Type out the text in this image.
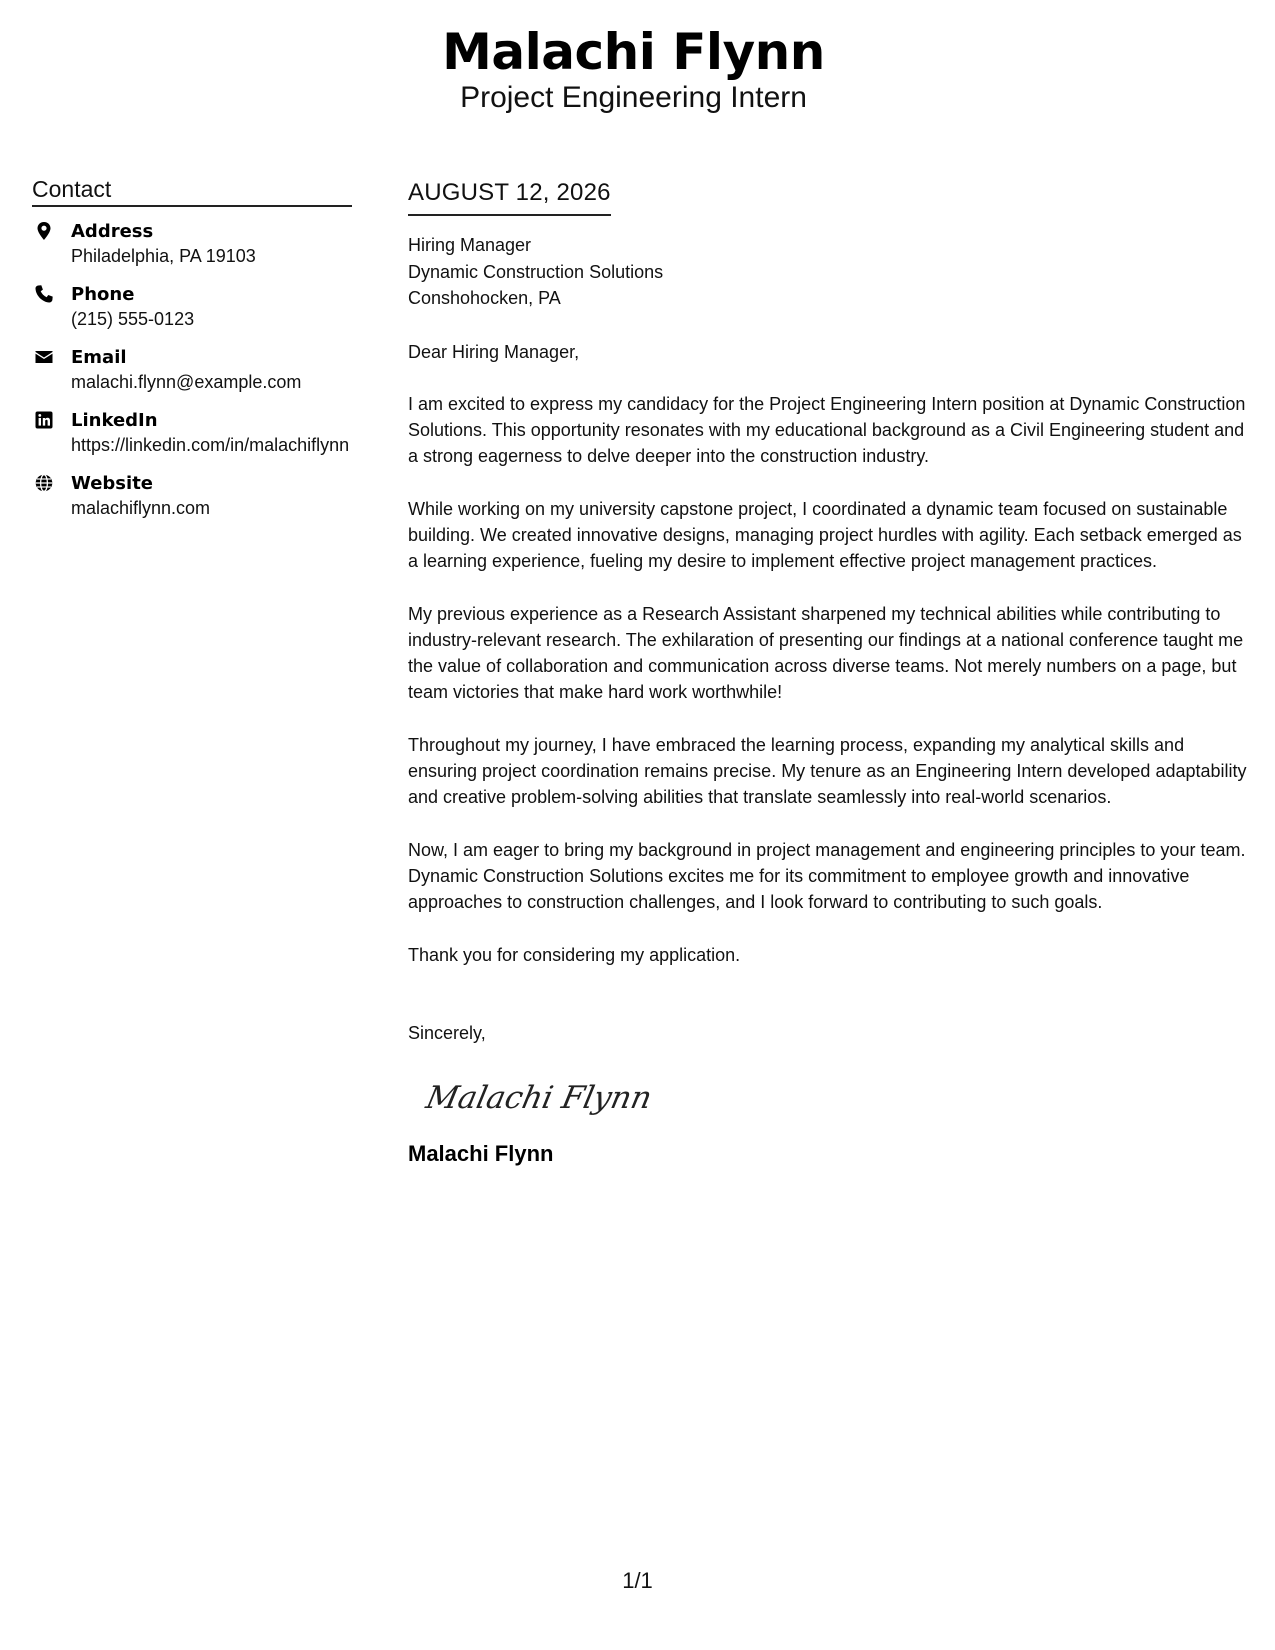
Malachi Flynn
Project Engineering Intern
Contact
Address
Philadelphia, PA 19103
Phone
(215) 555-0123
Email
malachi.flynn@example.com
LinkedIn
https://linkedin.com/in/malachiflynn
Website
malachiflynn.com
AUGUST 12, 2026
Hiring Manager
Dynamic Construction Solutions
Conshohocken, PA
Dear Hiring Manager,

I am excited to express my candidacy for the Project Engineering Intern position at Dynamic Construction Solutions. This opportunity resonates with my educational background as a Civil Engineering student and a strong eagerness to delve deeper into the construction industry.

While working on my university capstone project, I coordinated a dynamic team focused on sustainable building. We created innovative designs, managing project hurdles with agility. Each setback emerged as a learning experience, fueling my desire to implement effective project management practices.

My previous experience as a Research Assistant sharpened my technical abilities while contributing to industry-relevant research. The exhilaration of presenting our findings at a national conference taught me the value of collaboration and communication across diverse teams. Not merely numbers on a page, but team victories that make hard work worthwhile!

Throughout my journey, I have embraced the learning process, expanding my analytical skills and ensuring project coordination remains precise. My tenure as an Engineering Intern developed adaptability and creative problem-solving abilities that translate seamlessly into real-world scenarios.

Now, I am eager to bring my background in project management and engineering principles to your team. Dynamic Construction Solutions excites me for its commitment to employee growth and innovative approaches to construction challenges, and I look forward to contributing to such goals.

Thank you for considering my application.

Sincerely,
Malachi Flynn
Malachi Flynn
1/1
